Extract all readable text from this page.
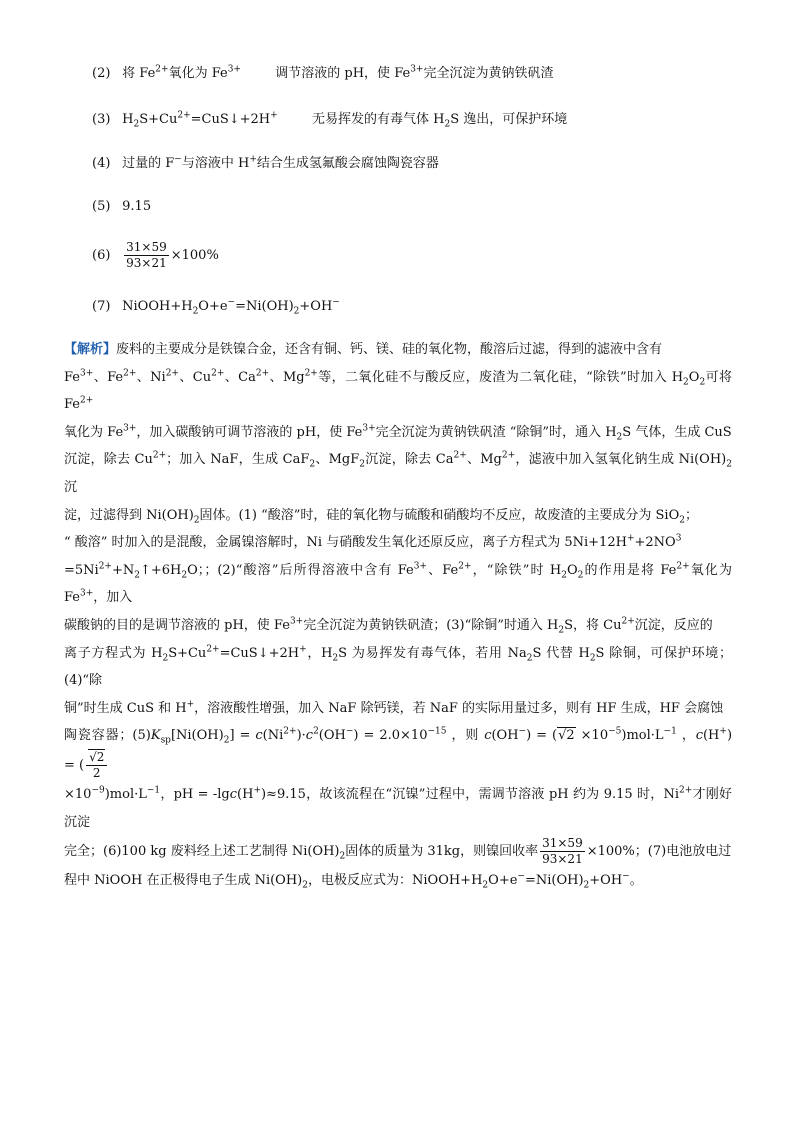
(2) 将 $Fe^{2+}$氧化为 $Fe^{3+}$	调节溶液的 pH，使 $Fe^{3+}$完全沉淀为黄钠铁矾渣
(3) $H_2S+Cu^{2+}=CuS↓+2H^+$	无易挥发的有毒气体 $H_2S$ 逸出，可保护环境
(4) 过量的 F−与溶液中 H+结合生成氢氟酸会腐蚀陶瓷容器
(5) 9.15
$(6) \frac{31\times 59}{93\times 21} \times 100\%$
(7) $NiOOH+H_2O+e^-=Ni(OH)_2+OH^-$
【解析】废料的主要成分是铁镍合金，还含有铜、钙、镁、硅的氧化物，酸溶后过滤，得到的滤液中含有
$Fe^{3+}$、$Fe^{2+}$、$Ni^{2+}$、$Cu^{2+}$、$Ca^{2+}$、$Mg^{2+}$等，二氧化硅不与酸反应，废渣为二氧化硅，“除铁”时加入 $H_2O_2$可将 $Fe^{2+}$
氧化为 $Fe^{3+}$，加入碳酸钠可调节溶液的 pH，使 $Fe^{3+}$完全沉淀为黄钠铁矾渣 “除铜”时，通入 $H_2S$ 气体，生成 CuS
沉淀，除去 $Cu^{2+}$；加入 NaF，生成 CaF$_2$、MgF$_2$沉淀，除去 $Ca^{2+}$、$Mg^{2+}$，滤液中加入氢氧化钠生成 $Ni(OH)_2$沉
淀，过滤得到 $Ni(OH)_2$固体。(1) “酸溶”时，硅的氧化物与硫酸和硝酸均不反应，故废渣的主要成分为 SiO$_2$；
“ 酸溶” 时加入的是混酸，金属镍溶解时，Ni 与硝酸发生氧化还原反应，离子方程式为 $5Ni+12H^++2NO^3$
$=5Ni^{2+}+N_2↑+6H_2O$；；(2)“酸溶”后所得溶液中含有 $Fe^{3+}$、$Fe^{2+}$，“除铁”时 $H_2O_2$的作用是将 $Fe^{2+}$氧化为 $Fe^{3+}$，加入
碳酸钠的目的是调节溶液的 pH，使 $Fe^{3+}$完全沉淀为黄钠铁矾渣；(3)“除铜”时通入 $H_2S$，将 $Cu^{2+}$沉淀，反应的
离子方程式为 $H_2S+Cu^{2+}=CuS↓+2H^+$，$H_2S$ 为易挥发有毒气体，若用 $Na_2S$ 代替 $H_2S$ 除铜，可保护环境；(4)“除
铜”时生成 CuS 和 H+，溶液酸性增强，加入 NaF 除钙镁，若 NaF 的实际用量过多，则有 HF 生成，HF 会腐蚀
陶瓷容器；$(5)K_{sp}[Ni(OH)_2] = c(Ni^{2+})\cdot c^2(OH^-) = 2.0\times 10^{-15}$ ，则 $c(OH^-) = (√2 \times 10^{-5})mol\cdot L^{-1}$ ，c(H+) = ( $\frac{√2}{2}$

$\times 10^{-9})mol\cdot L^{-1}$，pH = -lgc(H+)≈9.15，故该流程在“沉镍”过程中，需调节溶液 pH 约为 9.15 时，$Ni^{2+}$才刚好沉淀
完全；(6)100 kg 废料经上述工艺制得 $Ni(OH)_2$固体的质量为 31kg，则镍回收率 $\frac{31\times 59}{93\times 21} \times 100\%$；(7)电池放电过
程中 NiOOH 在正极得电子生成 $Ni(OH)_2$，电极反应式为：$NiOOH+H_2O+e^-=Ni(OH)_2+OH^-$。
